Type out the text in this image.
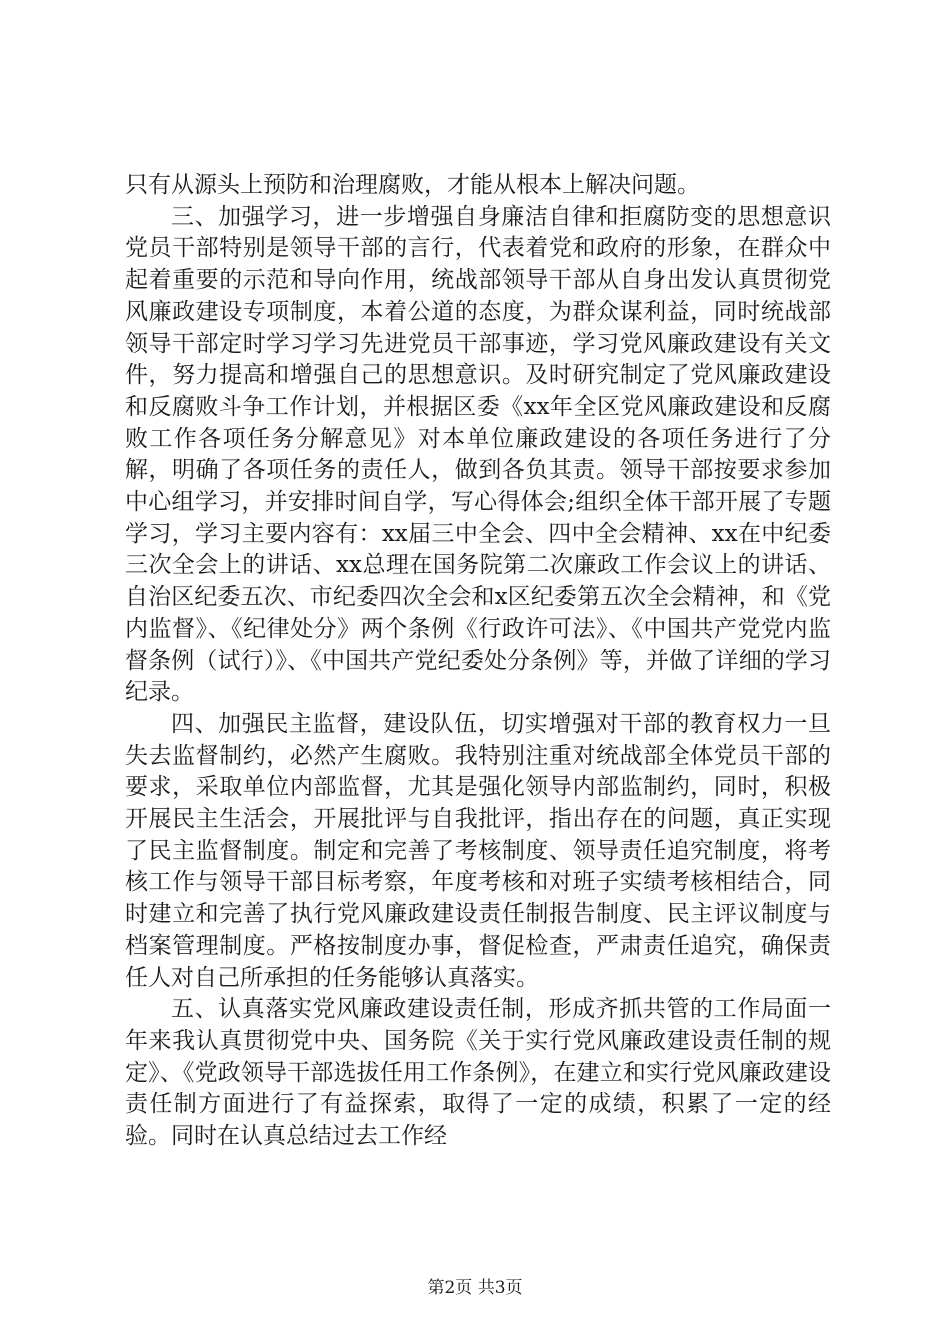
只有从源头上预防和治理腐败，才能从根本上解决问题。

三、加强学习，进一步增强自身廉洁自律和拒腐防变的思想意识党员干部特别是领导干部的言行，代表着党和政府的形象，在群众中起着重要的示范和导向作用，统战部领导干部从自身出发认真贯彻党风廉政建设专项制度，本着公道的态度，为群众谋利益，同时统战部领导干部定时学习学习先进党员干部事迹，学习党风廉政建设有关文件，努力提高和增强自己的思想意识。及时研究制定了党风廉政建设和反腐败斗争工作计划，并根据区委《xx年全区党风廉政建设和反腐败工作各项任务分解意见》对本单位廉政建设的各项任务进行了分解，明确了各项任务的责任人，做到各负其责。领导干部按要求参加中心组学习，并安排时间自学，写心得体会;组织全体干部开展了专题学习，学习主要内容有：xx届三中全会、四中全会精神、xx在中纪委三次全会上的讲话、xx总理在国务院第二次廉政工作会议上的讲话、自治区纪委五次、市纪委四次全会和x区纪委第五次全会精神，和《党内监督》、《纪律处分》两个条例《行政许可法》、《中国共产党党内监督条例（试行）》、《中国共产党纪委处分条例》等，并做了详细的学习纪录。

四、加强民主监督，建设队伍，切实增强对干部的教育权力一旦失去监督制约，必然产生腐败。我特别注重对统战部全体党员干部的要求，采取单位内部监督，尤其是强化领导内部监制约，同时，积极开展民主生活会，开展批评与自我批评，指出存在的问题，真正实现了民主监督制度。制定和完善了考核制度、领导责任追究制度，将考核工作与领导干部目标考察，年度考核和对班子实绩考核相结合，同时建立和完善了执行党风廉政建设责任制报告制度、民主评议制度与档案管理制度。严格按制度办事，督促检查，严肃责任追究，确保责任人对自己所承担的任务能够认真落实。

五、认真落实党风廉政建设责任制，形成齐抓共管的工作局面一年来我认真贯彻党中央、国务院《关于实行党风廉政建设责任制的规定》、《党政领导干部选拔任用工作条例》，在建立和实行党风廉政建设责任制方面进行了有益探索，取得了一定的成绩，积累了一定的经验。同时在认真总结过去工作经

第2页 共3页
